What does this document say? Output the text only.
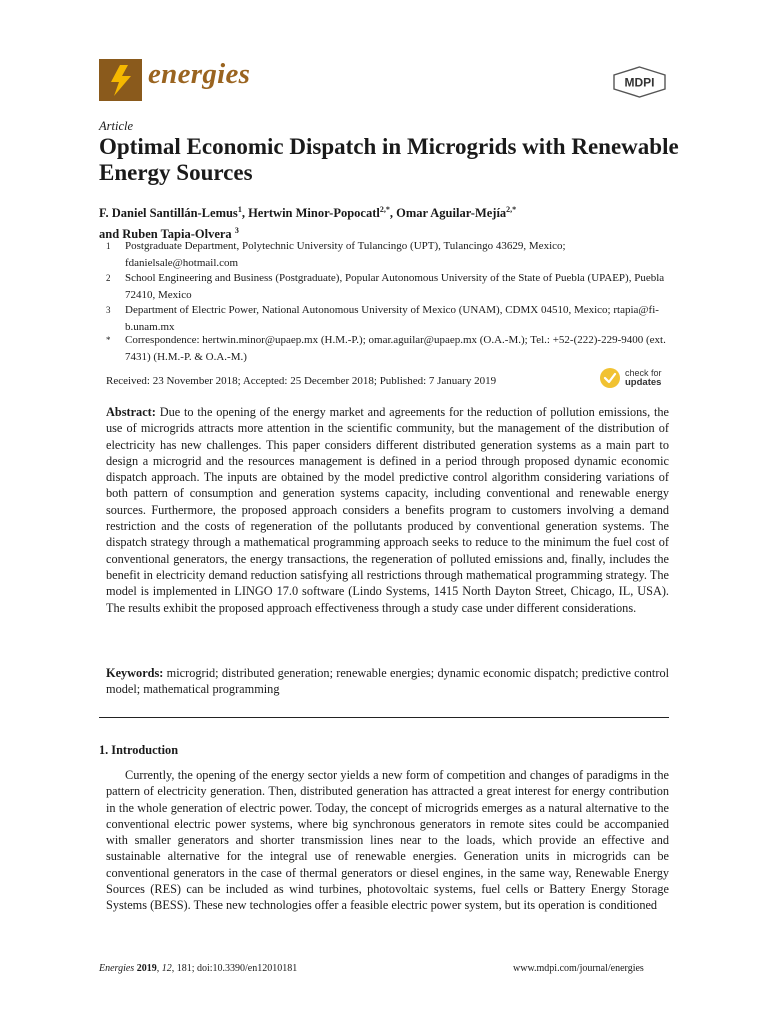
energies	MDPI
Article
Optimal Economic Dispatch in Microgrids with Renewable Energy Sources
F. Daniel Santillán-Lemus$^1$, Hertwin Minor-Popocatl$^{2,*}$, Omar Aguilar-Mejía$^{2,*}$
and Ruben Tapia-Olvera $^3$
1 Postgraduate Department, Polytechnic University of Tulancingo (UPT), Tulancingo 43629, Mexico; fdanielsale@hotmail.com
2 School Engineering and Business (Postgraduate), Popular Autonomous University of the State of Puebla (UPAEP), Puebla 72410, Mexico
3 Department of Electric Power, National Autonomous University of Mexico (UNAM), CDMX 04510, Mexico; rtapia@fi-b.unam.mx
* Correspondence: hertwin.minor@upaep.mx (H.M.-P.); omar.aguilar@upaep.mx (O.A.-M.); Tel.: +52-(222)-229-9400 (ext. 7431) (H.M.-P. & O.A.-M.)
Received: 23 November 2018; Accepted: 25 December 2018; Published: 7 January 2019
check for
updates
Abstract: Due to the opening of the energy market and agreements for the reduction of pollution emissions, the use of microgrids attracts more attention in the scientific community, but the management of the distribution of electricity has new challenges. This paper considers different distributed generation systems as a main part to design a microgrid and the resources management is defined in a period through proposed dynamic economic dispatch approach. The inputs are obtained by the model predictive control algorithm considering variations of both pattern of consumption and generation systems capacity, including conventional and renewable energy sources. Furthermore, the proposed approach considers a benefits program to customers involving a demand restriction and the costs of regeneration of the pollutants produced by conventional generation systems. The dispatch strategy through a mathematical programming approach seeks to reduce to the minimum the fuel cost of conventional generators, the energy transactions, the regeneration of polluted emissions and, finally, includes the benefit in electricity demand reduction satisfying all restrictions through mathematical programming strategy. The model is implemented in LINGO 17.0 software (Lindo Systems, 1415 North Dayton Street, Chicago, IL, USA). The results exhibit the proposed approach effectiveness through a study case under different considerations.
Keywords: microgrid; distributed generation; renewable energies; dynamic economic dispatch; predictive control model; mathematical programming
1. Introduction
Currently, the opening of the energy sector yields a new form of competition and changes of paradigms in the pattern of electricity generation. Then, distributed generation has attracted a great interest for energy contribution in the whole generation of electric power. Today, the concept of microgrids emerges as a natural alternative to the conventional electric power systems, where big synchronous generators in remote sites could be accompanied with smaller generators and shorter transmission lines near to the loads, which provide an effective and sustainable alternative for the integral use of renewable energies. Generation units in microgrids can be conventional generators in the case of thermal generators or diesel engines, in the same way, Renewable Energy Sources (RES) can be included as wind turbines, photovoltaic systems, fuel cells or Battery Energy Storage Systems (BESS). These new technologies offer a feasible electric power system, but its operation is conditioned
Energies 2019, 12, 181; doi:10.3390/en12010181	www.mdpi.com/journal/energies
